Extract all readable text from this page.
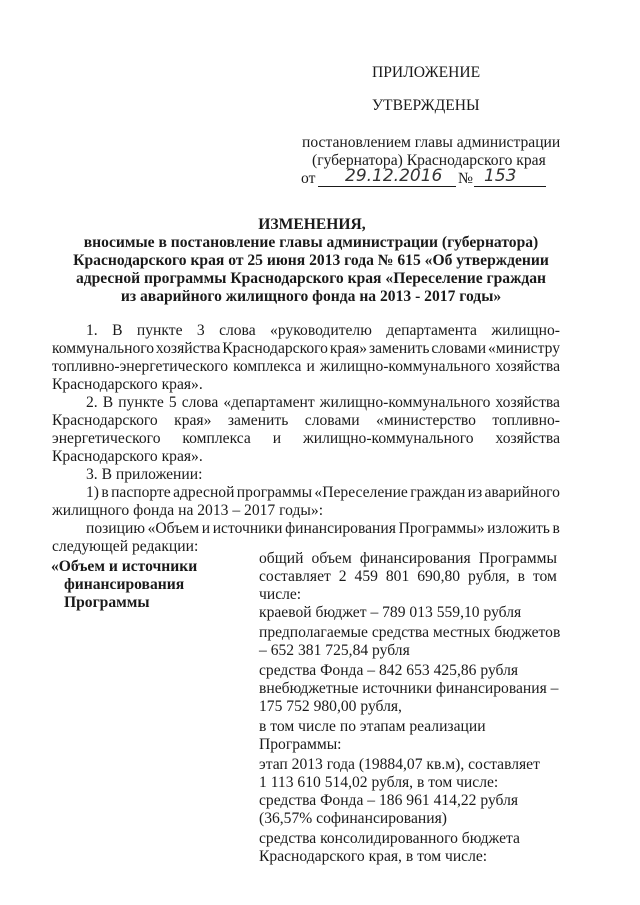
ПРИЛОЖЕНИЕ
УТВЕРЖДЕНЫ
постановлением главы администрации
(губернатора) Краснодарского края
от 29.12.2016 № 153
ИЗМЕНЕНИЯ,
вносимые в постановление главы администрации (губернатора)
Краснодарского края от 25 июня 2013 года № 615 «Об утверждении
адресной программы Краснодарского края «Переселение граждан
из аварийного жилищного фонда на 2013 - 2017 годы»
1. В пункте 3 слова «руководителю департамента жилищно-
коммунального хозяйства Краснодарского края» заменить словами «министру
топливно-энергетического комплекса и жилищно-коммунального хозяйства
Краснодарского края».
2. В пункте 5 слова «департамент жилищно-коммунального хозяйства
Краснодарского края» заменить словами «министерство топливно-
энергетического комплекса и жилищно-коммунального хозяйства
Краснодарского края».
3. В приложении:
1) в паспорте адресной программы «Переселение граждан из аварийного
жилищного фонда на 2013 – 2017 годы»:
позицию «Объем и источники финансирования Программы» изложить в
следующей редакции:
«Объем и источники
финансирования
Программы
общий объем финансирования Программы
составляет 2 459 801 690,80 рубля, в том
числе:
краевой бюджет – 789 013 559,10 рубля
предполагаемые средства местных бюджетов
– 652 381 725,84 рубля
средства Фонда – 842 653 425,86 рубля
внебюджетные источники финансирования –
175 752 980,00 рубля,
в том числе по этапам реализации
Программы:
этап 2013 года (19884,07 кв.м), составляет
1 113 610 514,02 рубля, в том числе:
средства Фонда – 186 961 414,22 рубля
(36,57% софинансирования)
средства консолидированного бюджета
Краснодарского края, в том числе:
